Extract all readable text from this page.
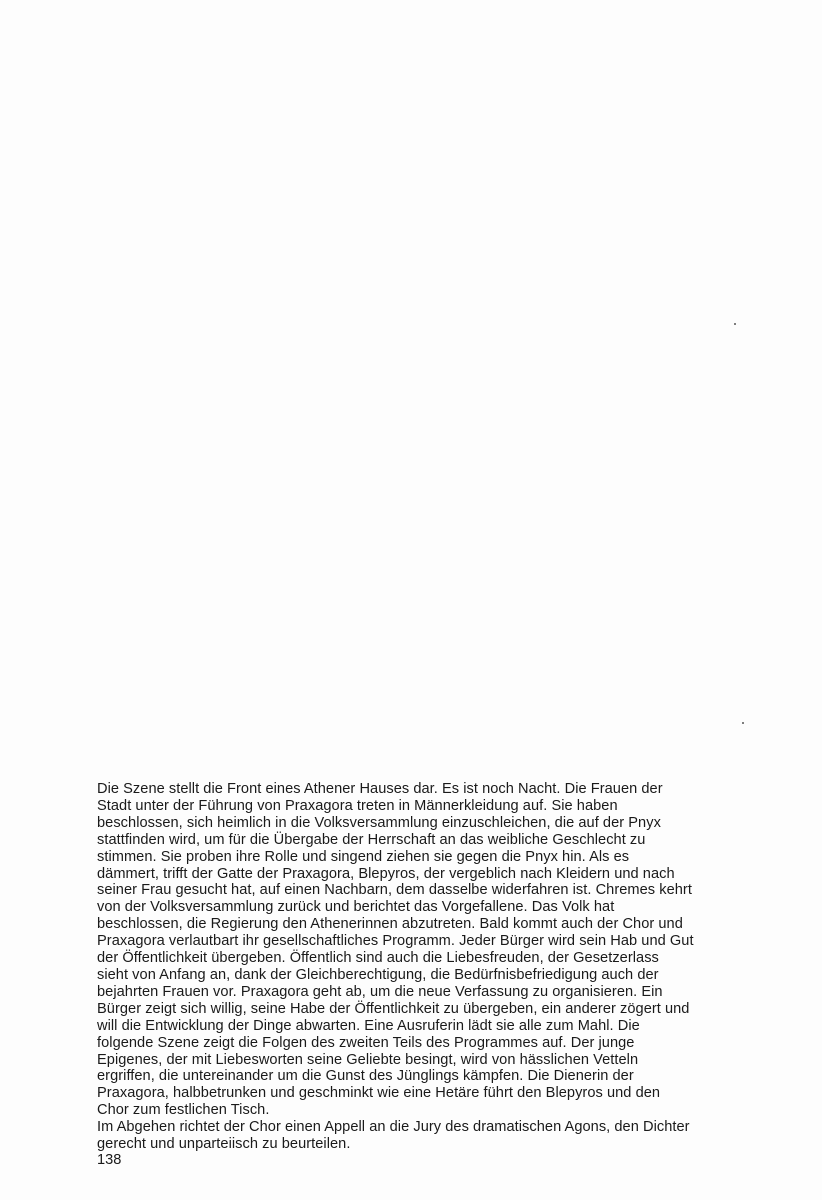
Die Szene stellt die Front eines Athener Hauses dar. Es ist noch Nacht. Die Frauen der
Stadt unter der Führung von Praxagora treten in Männerkleidung auf. Sie haben
beschlossen, sich heimlich in die Volksversammlung einzuschleichen, die auf der Pnyx
stattfinden wird, um für die Übergabe der Herrschaft an das weibliche Geschlecht zu
stimmen. Sie proben ihre Rolle und singend ziehen sie gegen die Pnyx hin. Als es
dämmert, trifft der Gatte der Praxagora, Blepyros, der vergeblich nach Kleidern und nach
seiner Frau gesucht hat, auf einen Nachbarn, dem dasselbe widerfahren ist. Chremes kehrt
von der Volksversammlung zurück und berichtet das Vorgefallene. Das Volk hat
beschlossen, die Regierung den Athenerinnen abzutreten. Bald kommt auch der Chor und
Praxagora verlautbart ihr gesellschaftliches Programm. Jeder Bürger wird sein Hab und Gut
der Öffentlichkeit übergeben. Öffentlich sind auch die Liebesfreuden, der Gesetzerlass
sieht von Anfang an, dank der Gleichberechtigung, die Bedürfnisbefriedigung auch der
bejahrten Frauen vor. Praxagora geht ab, um die neue Verfassung zu organisieren. Ein
Bürger zeigt sich willig, seine Habe der Öffentlichkeit zu übergeben, ein anderer zögert und
will die Entwicklung der Dinge abwarten. Eine Ausruferin lädt sie alle zum Mahl. Die
folgende Szene zeigt die Folgen des zweiten Teils des Programmes auf. Der junge
Epigenes, der mit Liebesworten seine Geliebte besingt, wird von hässlichen Vetteln
ergriffen, die untereinander um die Gunst des Jünglings kämpfen. Die Dienerin der
Praxagora, halbbetrunken und geschminkt wie eine Hetäre führt den Blepyros und den
Chor zum festlichen Tisch.
Im Abgehen richtet der Chor einen Appell an die Jury des dramatischen Agons, den Dichter
gerecht und unparteiisch zu beurteilen.
138
